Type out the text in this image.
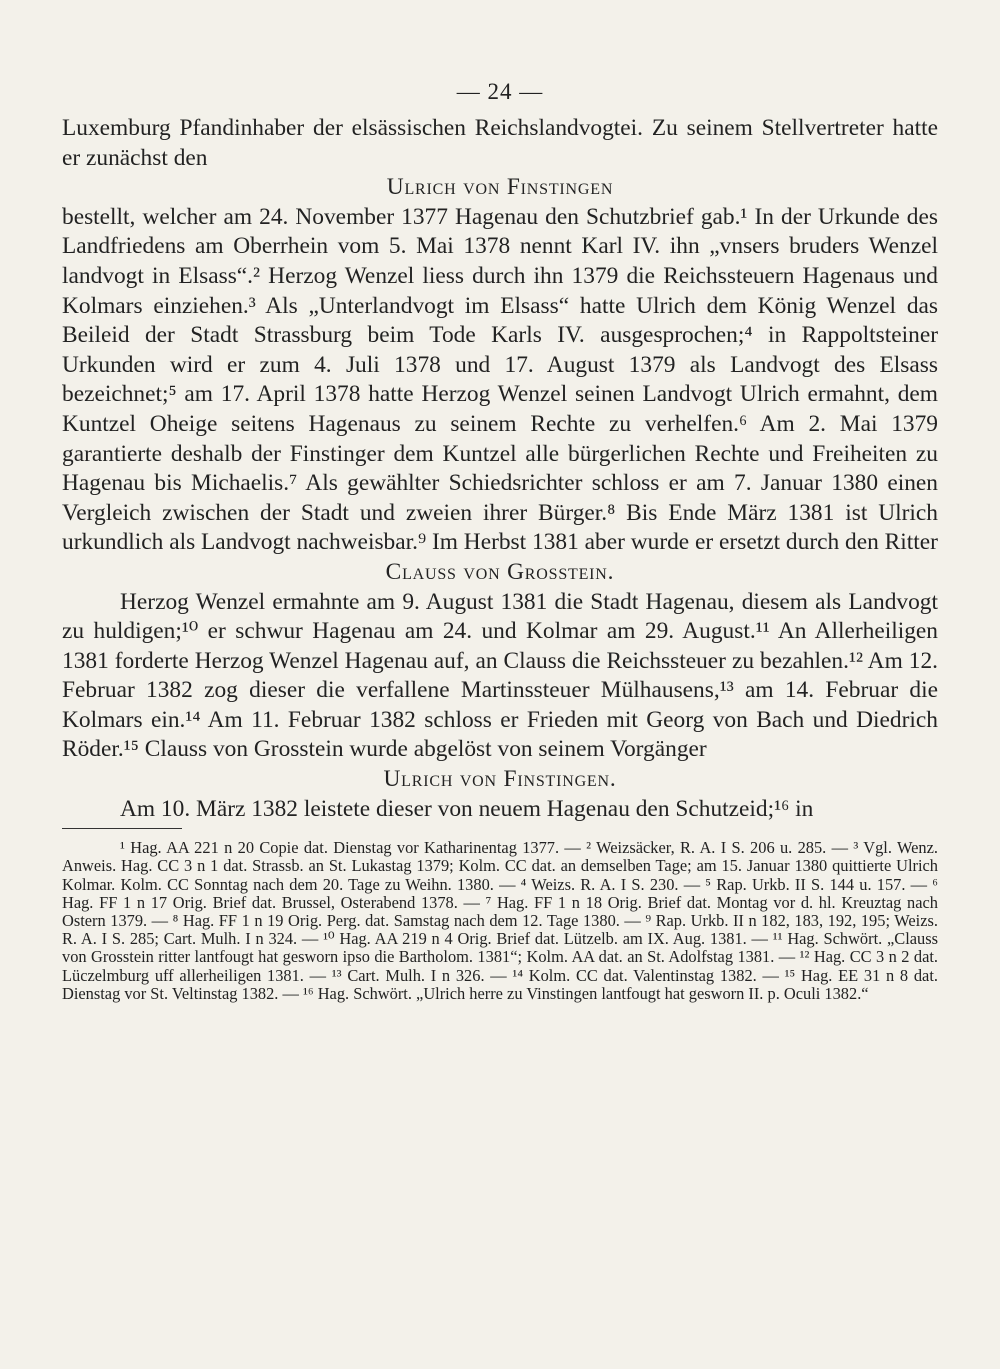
— 24 —

Luxemburg Pfandinhaber der elsässischen Reichslandvogtei. Zu seinem Stellvertreter hatte er zunächst den

Ulrich von Finstingen

bestellt, welcher am 24. November 1377 Hagenau den Schutzbrief gab.¹ In der Urkunde des Landfriedens am Oberrhein vom 5. Mai 1378 nennt Karl IV. ihn „vnsers bruders Wenzel landvogt in Elsass“.² Herzog Wenzel liess durch ihn 1379 die Reichssteuern Hagenaus und Kolmars einziehen.³ Als „Unterlandvogt im Elsass“ hatte Ulrich dem König Wenzel das Beileid der Stadt Strassburg beim Tode Karls IV. ausgesprochen;⁴ in Rappoltsteiner Urkunden wird er zum 4. Juli 1378 und 17. August 1379 als Landvogt des Elsass bezeichnet;⁵ am 17. April 1378 hatte Herzog Wenzel seinen Landvogt Ulrich ermahnt, dem Kuntzel Oheige seitens Hagenaus zu seinem Rechte zu verhelfen.⁶ Am 2. Mai 1379 garantierte deshalb der Finstinger dem Kuntzel alle bürgerlichen Rechte und Freiheiten zu Hagenau bis Michaelis.⁷ Als gewählter Schiedsrichter schloss er am 7. Januar 1380 einen Vergleich zwischen der Stadt und zweien ihrer Bürger.⁸ Bis Ende März 1381 ist Ulrich urkundlich als Landvogt nachweisbar.⁹ Im Herbst 1381 aber wurde er ersetzt durch den Ritter

Clauss von Grosstein.

Herzog Wenzel ermahnte am 9. August 1381 die Stadt Hagenau, diesem als Landvogt zu huldigen;¹⁰ er schwur Hagenau am 24. und Kolmar am 29. August.¹¹ An Allerheiligen 1381 forderte Herzog Wenzel Hagenau auf, an Clauss die Reichssteuer zu bezahlen.¹² Am 12. Februar 1382 zog dieser die verfallene Martinssteuer Mülhausens,¹³ am 14. Februar die Kolmars ein.¹⁴ Am 11. Februar 1382 schloss er Frieden mit Georg von Bach und Diedrich Röder.¹⁵ Clauss von Grosstein wurde abgelöst von seinem Vorgänger

Ulrich von Finstingen.

Am 10. März 1382 leistete dieser von neuem Hagenau den Schutzeid;¹⁶ in

¹ Hag. AA 221 n 20 Copie dat. Dienstag vor Katharinentag 1377. — ² Weizsäcker, R. A. I S. 206 u. 285. — ³ Vgl. Wenz. Anweis. Hag. CC 3 n 1 dat. Strassb. an St. Lukastag 1379; Kolm. CC dat. an demselben Tage; am 15. Januar 1380 quittierte Ulrich Kolmar. Kolm. CC Sonntag nach dem 20. Tage zu Weihn. 1380. — ⁴ Weizs. R. A. I S. 230. — ⁵ Rap. Urkb. II S. 144 u. 157. — ⁶ Hag. FF 1 n 17 Orig. Brief dat. Brussel, Osterabend 1378. — ⁷ Hag. FF 1 n 18 Orig. Brief dat. Montag vor d. hl. Kreuztag nach Ostern 1379. — ⁸ Hag. FF 1 n 19 Orig. Perg. dat. Samstag nach dem 12. Tage 1380. — ⁹ Rap. Urkb. II n 182, 183, 192, 195; Weizs. R. A. I S. 285; Cart. Mulh. I n 324. — ¹⁰ Hag. AA 219 n 4 Orig. Brief dat. Lützelb. am IX. Aug. 1381. — ¹¹ Hag. Schwört. „Clauss von Grosstein ritter lantfougt hat gesworn ipso die Bartholom. 1381“; Kolm. AA dat. an St. Adolfstag 1381. — ¹² Hag. CC 3 n 2 dat. Lüczelmburg uff allerheiligen 1381. — ¹³ Cart. Mulh. I n 326. — ¹⁴ Kolm. CC dat. Valentinstag 1382. — ¹⁵ Hag. EE 31 n 8 dat. Dienstag vor St. Veltinstag 1382. — ¹⁶ Hag. Schwört. „Ulrich herre zu Vinstingen lantfougt hat gesworn II. p. Oculi 1382.“
